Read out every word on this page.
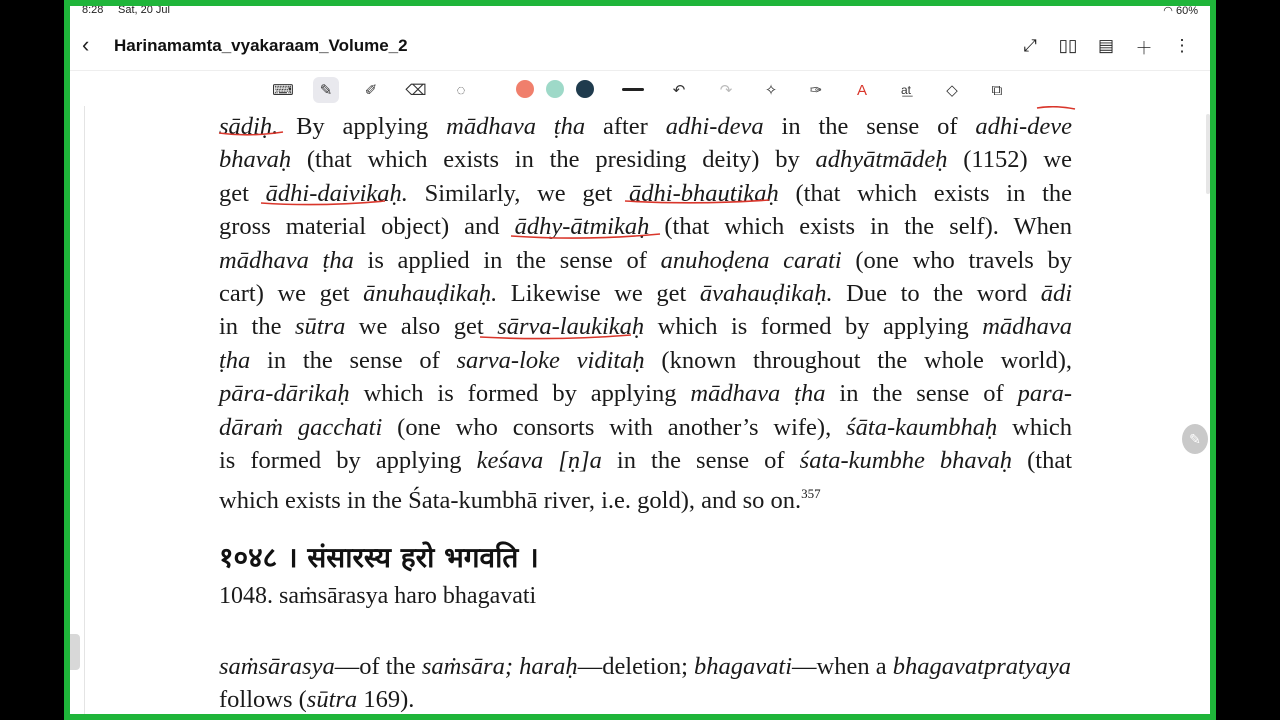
8:28 Sat, 20 Jul	◠ 60%
‹	Harinamamta_vyakaraam_Volume_2	⤢	▯▯ ▤ ＋ ⋮
⌨	✎	✐	⌫	◌	↶	↷	✧	✑	A	a͟t	◇	⧉
sādiḥ. By applying mādhava ṭha after adhi-deva in the sense of adhi-deve
bhavaḥ (that which exists in the presiding deity) by adhyātmādeḥ (1152) we
get ādhi-daivikaḥ. Similarly, we get ādhi-bhautikaḥ (that which exists in the
gross material object) and ādhy-ātmikaḥ (that which exists in the self). When
mādhava ṭha is applied in the sense of anuhoḍena carati (one who travels by
cart) we get ānuhauḍikaḥ. Likewise we get āvahauḍikaḥ. Due to the word ādi
in the sūtra we also get sārva-laukikaḥ which is formed by applying mādhava
ṭha in the sense of sarva-loke viditaḥ (known throughout the whole world),
pāra-dārikaḥ which is formed by applying mādhava ṭha in the sense of para-
dāraṁ gacchati (one who consorts with another’s wife), śāta-kaumbhaḥ which
is formed by applying keśava [ṇ]a in the sense of śata-kumbhe bhavaḥ (that
which exists in the Śata-kumbhā river, i.e. gold), and so on.$^{357}$
१०४८ । संसारस्य हरो भगवति ।
1048. saṁsārasya haro bhagavati
saṁsārasya—of the saṁsāra; haraḥ—deletion; bhagavati—when a bhagavatpratyaya follows (sūtra 169).
✎
